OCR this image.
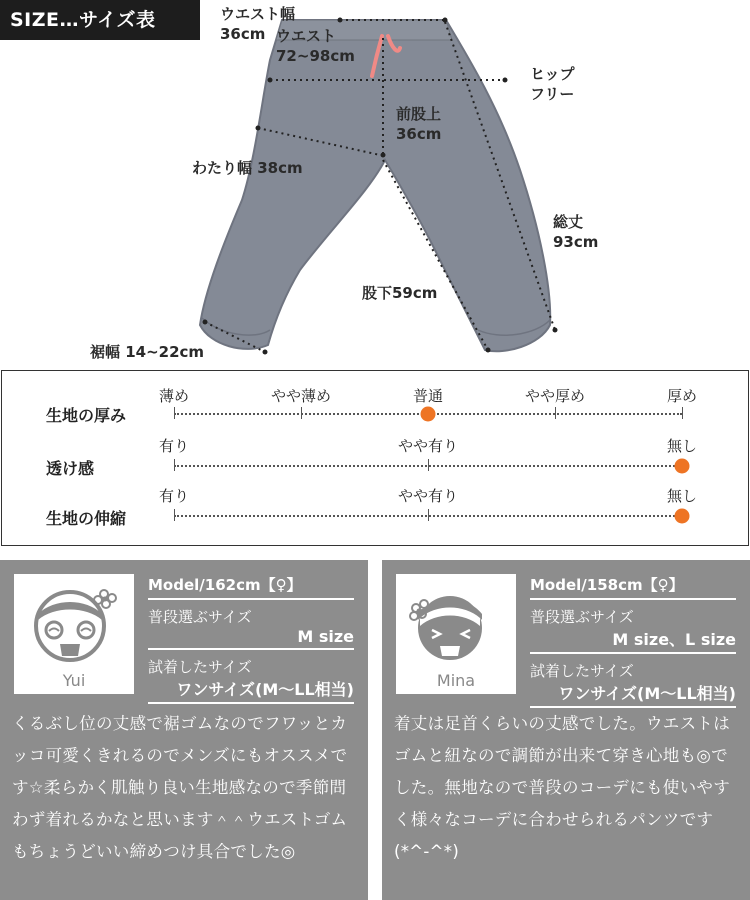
SIZE…サイズ表	ウエスト幅
36cm ウエスト
72~98cm
ヒップ
フリー
前股上
36cm
わたり幅 38cm
総丈
93cm
股下59cm
裾幅 14~22cm
生地の厚み
薄め	やや薄め	普通	やや厚め	厚め
透け感
有り	やや有り	無し
生地の伸縮
有り	やや有り	無し
Yui
Model/162cm【♀】
普段選ぶサイズ
M size
試着したサイズ
ワンサイズ(M〜LL相当)
くるぶし位の丈感で裾ゴムなのでフワッとカッコ可愛くきれるのでメンズにもオススメです☆柔らかく肌触り良い生地感なので季節問わず着れるかなと思います＾＾ウエストゴムもちょうどいい締めつけ具合でした◎
Mina
Model/158cm【♀】
普段選ぶサイズ
M size、L size
試着したサイズ
ワンサイズ(M〜LL相当)
着丈は足首くらいの丈感でした。ウエストはゴムと紐なので調節が出来て穿き心地も◎でした。無地なので普段のコーデにも使いやすく様々なコーデに合わせられるパンツです(*^-^*)
